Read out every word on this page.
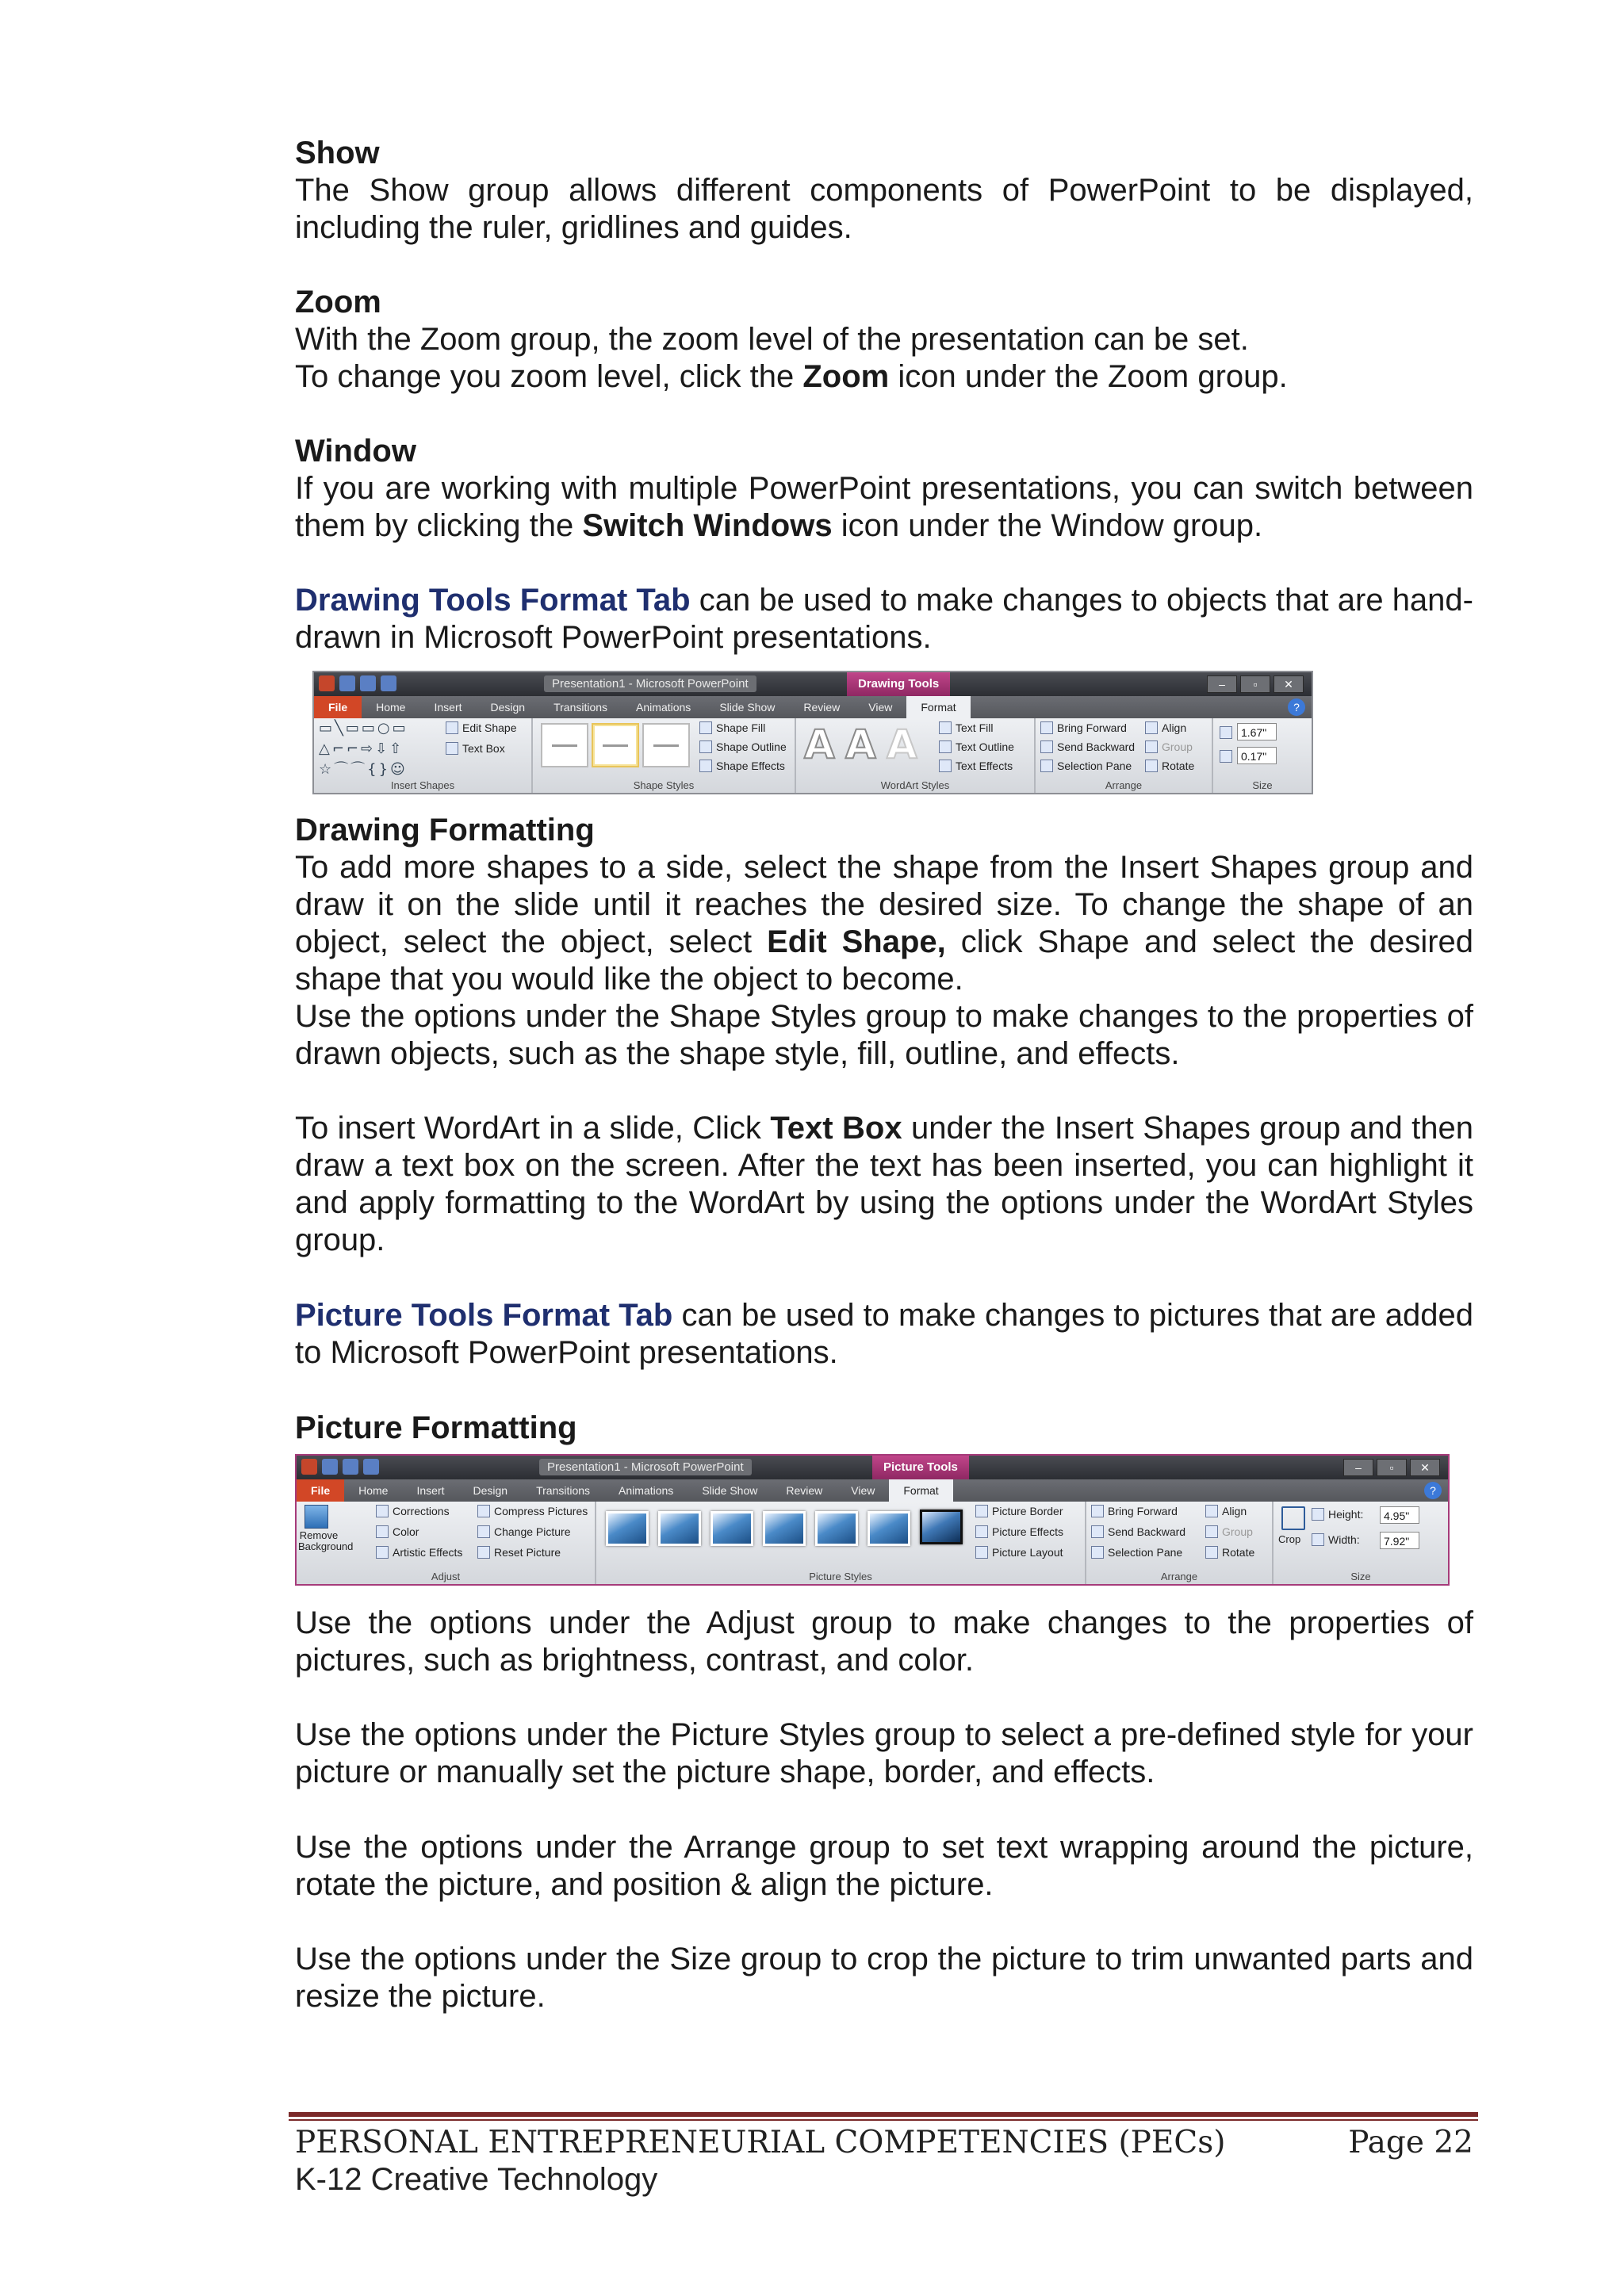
Show

The Show group allows different components of PowerPoint to be displayed, including the ruler, gridlines and guides.

Zoom

With the Zoom group, the zoom level of the presentation can be set.

To change you zoom level, click the Zoom icon under the Zoom group.

Window

If you are working with multiple PowerPoint presentations, you can switch between them by clicking the Switch Windows icon under the Window group.

Drawing Tools Format Tab can be used to make changes to objects that are hand-drawn in Microsoft PowerPoint presentations.

Presentation1 - Microsoft PowerPoint	Drawing Tools	–	▫	✕
File	Home	Insert	Design	Transitions	Animations	Slide Show	Review	View	Format	?
▭╲▭▭○▭
△⌐⌐⇨⇩⇧
☆⌒⌒{}☺
Edit Shape
Text Box
Insert Shapes
Shape Fill
Shape Outline
Shape Effects
Shape Styles
A A A	Text Fill
Text Outline
Text Effects
WordArt Styles
Bring Forward
Send Backward
Selection Pane
Align
Group
Rotate
Arrange
1.67"
0.17"
Size

Drawing Formatting

To add more shapes to a side, select the shape from the Insert Shapes group and draw it on the slide until it reaches the desired size. To change the shape of an object, select the object, select Edit Shape, click Shape and select the desired shape that you would like the object to become.

Use the options under the Shape Styles group to make changes to the properties of drawn objects, such as the shape style, fill, outline, and effects.

To insert WordArt in a slide, Click Text Box under the Insert Shapes group and then draw a text box on the screen. After the text has been inserted, you can highlight it and apply formatting to the WordArt by using the options under the WordArt Styles group.

Picture Tools Format Tab can be used to make changes to pictures that are added to Microsoft PowerPoint presentations.

Picture Formatting

Presentation1 - Microsoft PowerPoint	Picture Tools	–	▫	✕
File	Home	Insert	Design	Transitions	Animations	Slide Show	Review	View	Format	?
Remove Background
Corrections
Color
Artistic Effects
Compress Pictures
Change Picture
Reset Picture
Adjust
Picture Border
Picture Effects
Picture Layout
Picture Styles
Bring Forward
Send Backward
Selection Pane
Align
Group
Rotate
Arrange
Crop
Height:	4.95"
Width:	7.92"
Size

Use the options under the Adjust group to make changes to the properties of pictures, such as brightness, contrast, and color.

Use the options under the Picture Styles group to select a pre-defined style for your picture or manually set the picture shape, border, and effects.

Use the options under the Arrange group to set text wrapping around the picture, rotate the picture, and position & align the picture.

Use the options under the Size group to crop the picture to trim unwanted parts and resize the picture.

PERSONAL ENTREPRENEURIAL COMPETENCIES (PECs)	Page 22
K-12 Creative Technology
